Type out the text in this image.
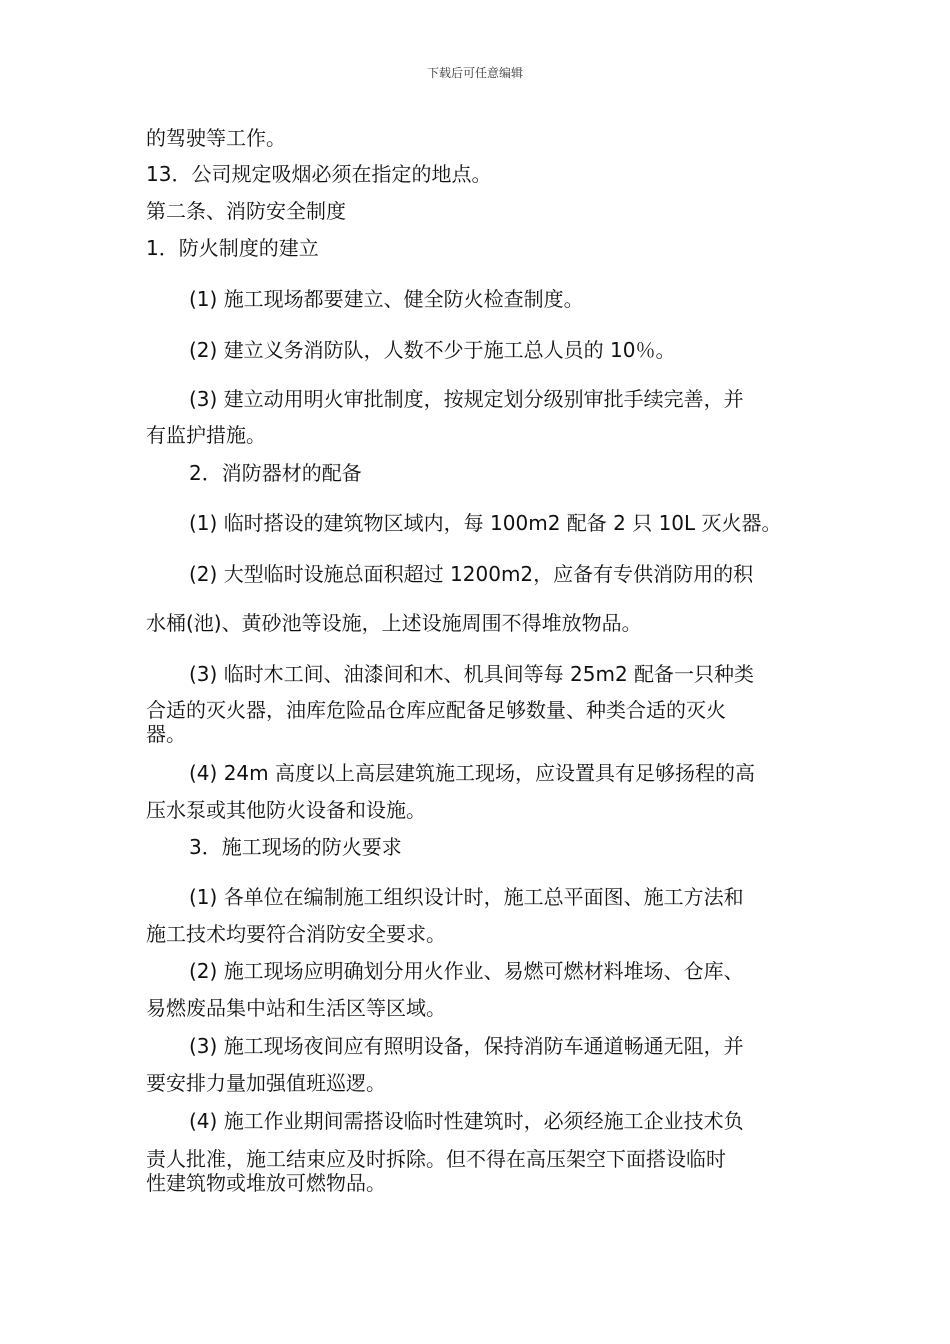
下载后可任意编辑
的驾驶等工作。
13．公司规定吸烟必须在指定的地点。
第二条、消防安全制度
1．防火制度的建立
(1) 施工现场都要建立、健全防火检查制度。
(2) 建立义务消防队，人数不少于施工总人员的 10％。
(3) 建立动用明火审批制度，按规定划分级别审批手续完善，并
有监护措施。
2．消防器材的配备
(1) 临时搭设的建筑物区域内，每 100m2 配备 2 只 10L 灭火器。
(2) 大型临时设施总面积超过 1200m2，应备有专供消防用的积
水桶(池)、黄砂池等设施，上述设施周围不得堆放物品。
(3) 临时木工间、油漆间和木、机具间等每 25m2 配备一只种类
合适的灭火器，油库危险品仓库应配备足够数量、种类合适的灭火
器。
(4) 24m 高度以上高层建筑施工现场，应设置具有足够扬程的高
压水泵或其他防火设备和设施。
3．施工现场的防火要求
(1) 各单位在编制施工组织设计时，施工总平面图、施工方法和
施工技术均要符合消防安全要求。
(2) 施工现场应明确划分用火作业、易燃可燃材料堆场、仓库、
易燃废品集中站和生活区等区域。
(3) 施工现场夜间应有照明设备，保持消防车通道畅通无阻，并
要安排力量加强值班巡逻。
(4) 施工作业期间需搭设临时性建筑时，必须经施工企业技术负
责人批准，施工结束应及时拆除。但不得在高压架空下面搭设临时
性建筑物或堆放可燃物品。
